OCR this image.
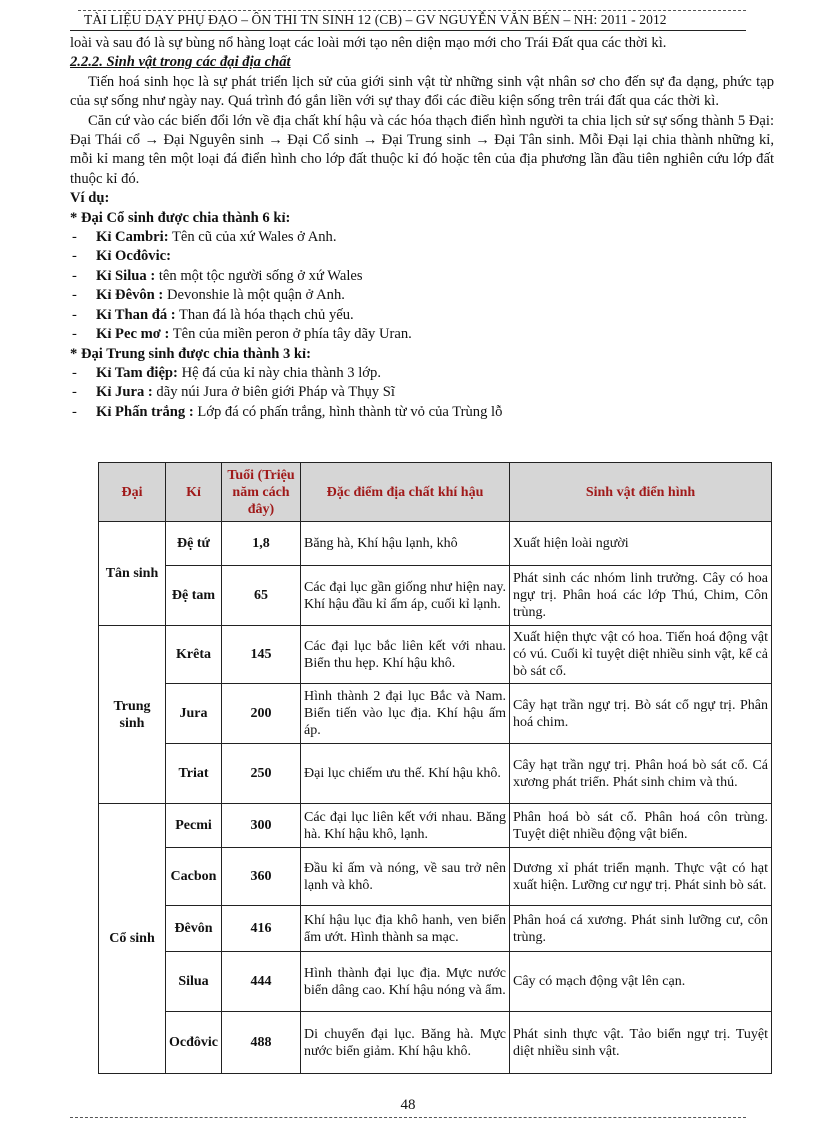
TÀI LIỆU DẠY PHỤ ĐẠO – ÔN THI TN SINH 12 (CB) – GV NGUYỄN VĂN BÉN – NH: 2011 - 2012

loài và sau đó là sự bùng nổ hàng loạt các loài mới tạo nên diện mạo mới cho Trái Đất qua các thời kì.

2.2.2. Sinh vật trong các đại địa chất

Tiến hoá sinh học là sự phát triển lịch sử của giới sinh vật từ những sinh vật nhân sơ cho đến sự đa dạng, phức tạp của sự sống như ngày nay. Quá trình đó gắn liền với sự thay đổi các điều kiện sống trên trái đất qua các thời kì.

Căn cứ vào các biến đổi lớn về địa chất khí hậu và các hóa thạch điển hình người ta chia lịch sử sự sống thành 5 Đại: Đại Thái cổ → Đại Nguyên sinh → Đại Cổ sinh → Đại Trung sinh → Đại Tân sinh. Mỗi Đại lại chia thành những kỉ, mỗi kỉ mang tên một loại đá điển hình cho lớp đất thuộc kỉ đó hoặc tên của địa phương lần đầu tiên nghiên cứu lớp đất thuộc kỉ đó.

Ví dụ:

* Đại Cổ sinh được chia thành 6 kỉ:

- Kỉ Cambri: Tên cũ của xứ Wales ở Anh.
- Kỉ Ocđôvic:
- Kỉ Silua : tên một tộc người sống ở xứ Wales
- Kỉ Đêvôn : Devonshie là một quận ở Anh.
- Kỉ Than đá : Than đá là hóa thạch chủ yếu.
- Kỉ Pec mơ : Tên của miền peron ở phía tây dãy Uran.

* Đại Trung sinh được chia thành 3 kỉ:

- Kỉ Tam điệp: Hệ đá của kỉ này chia thành 3 lớp.
- Kỉ Jura : dãy núi Jura ở biên giới Pháp và Thụy Sĩ
- Kỉ Phấn trắng : Lớp đá có phấn trắng, hình thành từ vỏ của Trùng lỗ
Đại	Kỉ	Tuổi (Triệu năm cách đây)	Đặc điểm địa chất khí hậu	Sinh vật điển hình
Tân sinh	Đệ tứ	1,8	Băng hà, Khí hậu lạnh, khô	Xuất hiện loài người
	Đệ tam	65	Các đại lục gần giống như hiện nay. Khí hậu đầu kỉ ấm áp, cuối kỉ lạnh.	Phát sinh các nhóm linh trưởng. Cây có hoa ngự trị. Phân hoá các lớp Thú, Chim, Côn trùng.
Trung sinh	Krêta	145	Các đại lục bắc liên kết với nhau. Biển thu hẹp. Khí hậu khô.	Xuất hiện thực vật có hoa. Tiến hoá động vật có vú. Cuối kỉ tuyệt diệt nhiều sinh vật, kể cả bò sát cổ.
	Jura	200	Hình thành 2 đại lục Bắc và Nam. Biển tiến vào lục địa. Khí hậu ấm áp.	Cây hạt trần ngự trị. Bò sát cổ ngự trị. Phân hoá chim.
	Triat	250	Đại lục chiếm ưu thế. Khí hậu khô.	Cây hạt trần ngự trị. Phân hoá bò sát cổ. Cá xương phát triển. Phát sinh chim và thú.
Cổ sinh	Pecmi	300	Các đại lục liên kết với nhau. Băng hà. Khí hậu khô, lạnh.	Phân hoá bò sát cổ. Phân hoá côn trùng. Tuyệt diệt nhiều động vật biển.
	Cacbon	360	Đầu kỉ ấm và nóng, về sau trở nên lạnh và khô.	Dương xỉ phát triển mạnh. Thực vật có hạt xuất hiện. Lưỡng cư ngự trị. Phát sinh bò sát.
	Đêvôn	416	Khí hậu lục địa khô hanh, ven biển ẩm ướt. Hình thành sa mạc.	Phân hoá cá xương. Phát sinh lưỡng cư, côn trùng.
	Silua	444	Hình thành đại lục địa. Mực nước biển dâng cao. Khí hậu nóng và ẩm.	Cây có mạch động vật lên cạn.
	Ocđôvic	488	Di chuyển đại lục. Băng hà. Mực nước biển giảm. Khí hậu khô.	Phát sinh thực vật. Tảo biển ngự trị. Tuyệt diệt nhiều sinh vật.
48
